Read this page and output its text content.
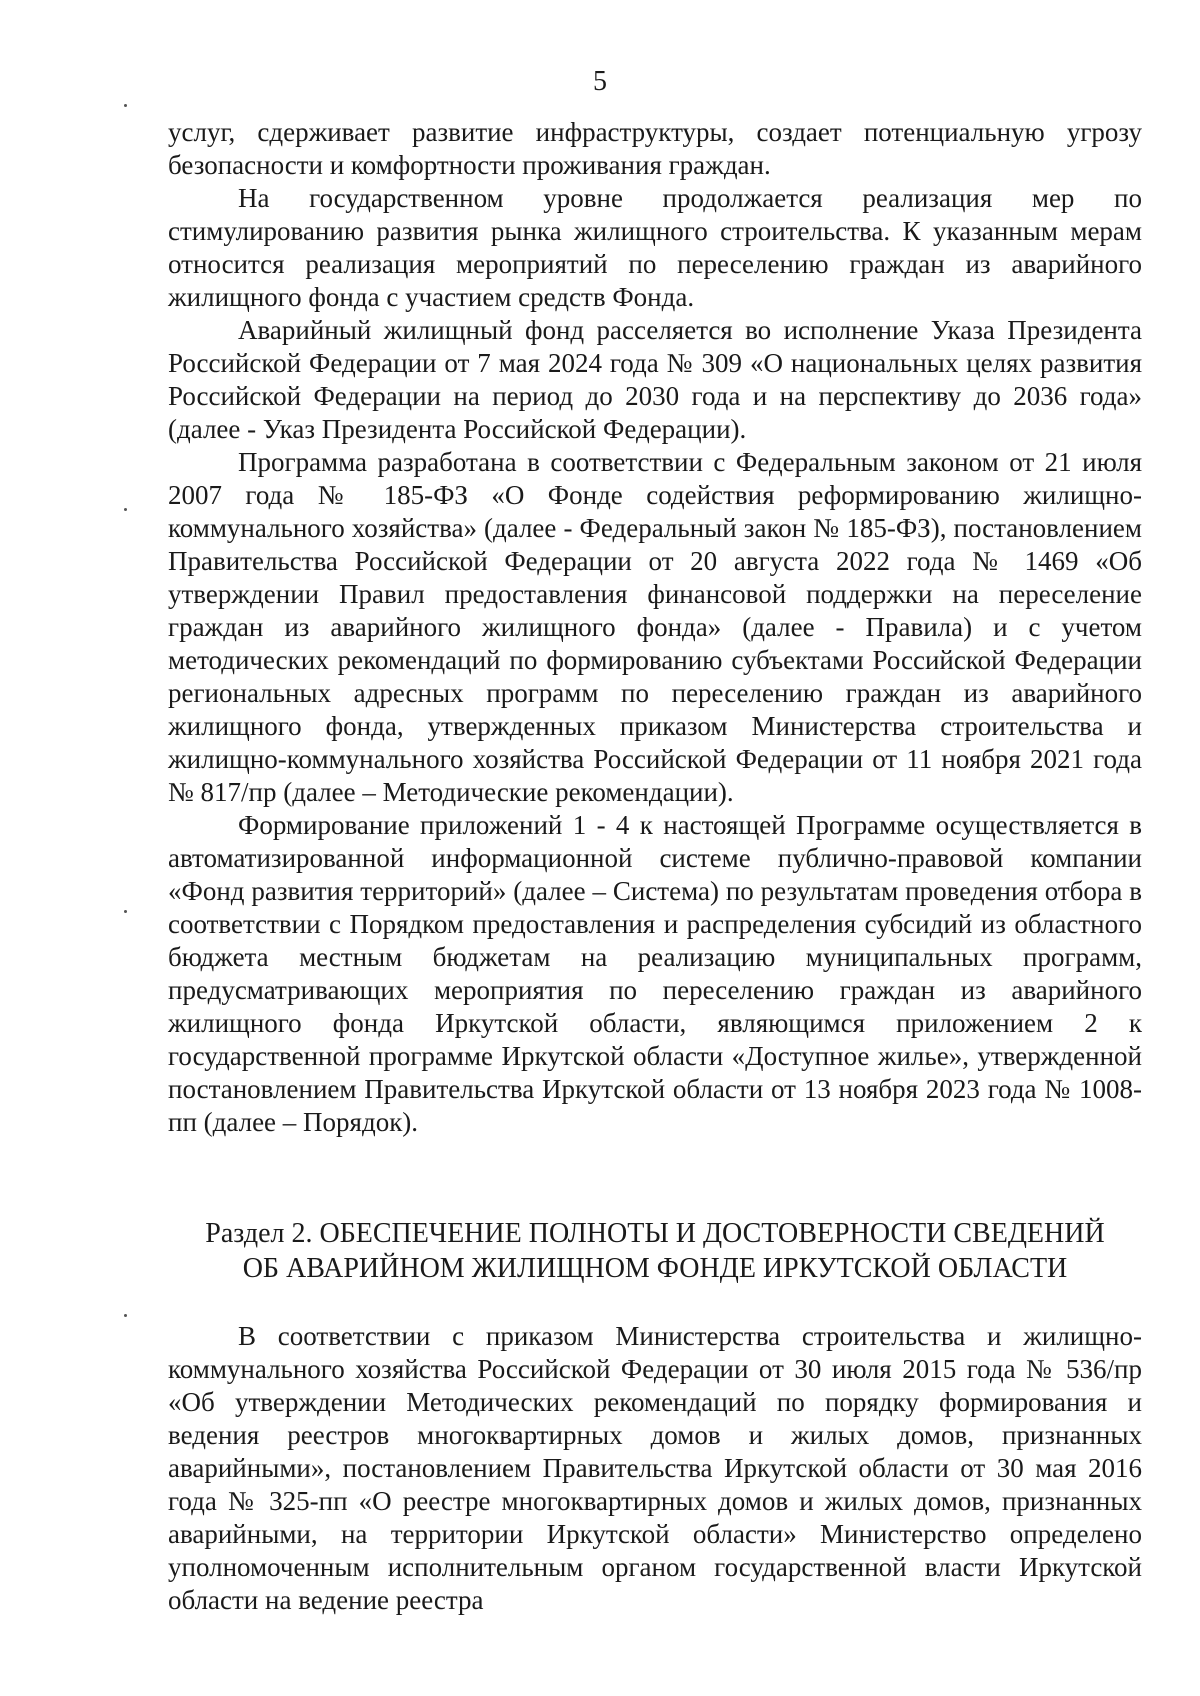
5

услуг, сдерживает развитие инфраструктуры, создает потенциальную угрозу безопасности и комфортности проживания граждан.

На государственном уровне продолжается реализация мер по стимулированию развития рынка жилищного строительства. К указанным мерам относится реализация мероприятий по переселению граждан из аварийного жилищного фонда с участием средств Фонда.

Аварийный жилищный фонд расселяется во исполнение Указа Президента Российской Федерации от 7 мая 2024 года № 309 «О национальных целях развития Российской Федерации на период до 2030 года и на перспективу до 2036 года» (далее - Указ Президента Российской Федерации).

Программа разработана в соответствии с Федеральным законом от 21 июля 2007 года № 185-ФЗ «О Фонде содействия реформированию жилищно-коммунального хозяйства» (далее - Федеральный закон № 185-ФЗ), постановлением Правительства Российской Федерации от 20 августа 2022 года № 1469 «Об утверждении Правил предоставления финансовой поддержки на переселение граждан из аварийного жилищного фонда» (далее - Правила) и с учетом методических рекомендаций по формированию субъектами Российской Федерации региональных адресных программ по переселению граждан из аварийного жилищного фонда, утвержденных приказом Министерства строительства и жилищно-коммунального хозяйства Российской Федерации от 11 ноября 2021 года № 817/пр (далее – Методические рекомендации).

Формирование приложений 1 - 4 к настоящей Программе осуществляется в автоматизированной информационной системе публично-правовой компании «Фонд развития территорий» (далее – Система) по результатам проведения отбора в соответствии с Порядком предоставления и распределения субсидий из областного бюджета местным бюджетам на реализацию муниципальных программ, предусматривающих мероприятия по переселению граждан из аварийного жилищного фонда Иркутской области, являющимся приложением 2 к государственной программе Иркутской области «Доступное жилье», утвержденной постановлением Правительства Иркутской области от 13 ноября 2023 года № 1008-пп (далее – Порядок).

Раздел 2. ОБЕСПЕЧЕНИЕ ПОЛНОТЫ И ДОСТОВЕРНОСТИ СВЕДЕНИЙ

ОБ АВАРИЙНОМ ЖИЛИЩНОМ ФОНДЕ ИРКУТСКОЙ ОБЛАСТИ

В соответствии с приказом Министерства строительства и жилищно-коммунального хозяйства Российской Федерации от 30 июля 2015 года № 536/пр «Об утверждении Методических рекомендаций по порядку формирования и ведения реестров многоквартирных домов и жилых домов, признанных аварийными», постановлением Правительства Иркутской области от 30 мая 2016 года № 325-пп «О реестре многоквартирных домов и жилых домов, признанных аварийными, на территории Иркутской области» Министерство определено уполномоченным исполнительным органом государственной власти Иркутской области на ведение реестра
